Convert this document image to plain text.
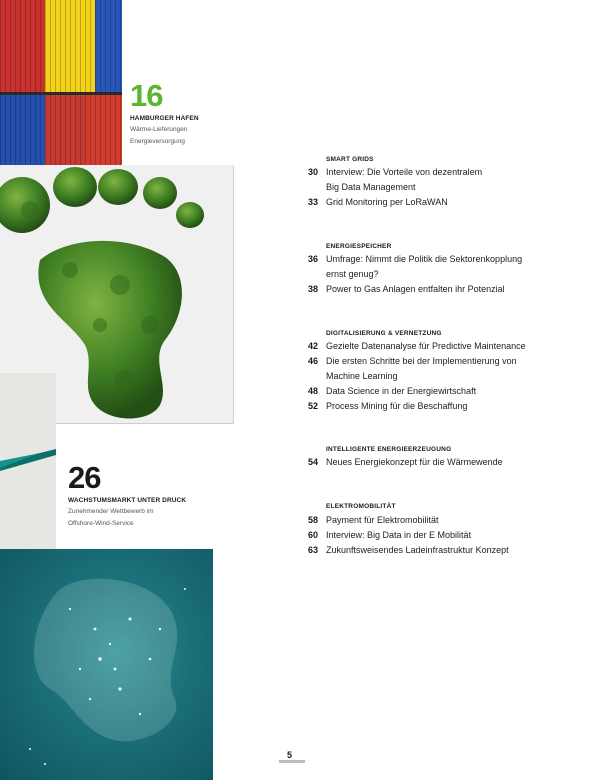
16
HAMBURGER HAFEN
Wärme-Lieferungen
Energieversorgung
26
WACHSTUMSMARKT UNTER DRUCK
Zunehmender Wettbewerb im
Offshore-Wind-Service
SMART GRIDS
30 Interview: Die Vorteile von dezentralem
Big Data Management
33 Grid Monitoring per LoRaWAN
ENERGIESPEICHER
36 Umfrage: Nimmt die Politik die Sektorenkopplung
ernst genug?
38 Power to Gas Anlagen entfalten ihr Potenzial
DIGITALISIERUNG & VERNETZUNG
42 Gezielte Datenanalyse für Predictive Maintenance
46 Die ersten Schritte bei der Implementierung von
Machine Learning
48 Data Science in der Energiewirtschaft
52 Process Mining für die Beschaffung
INTELLIGENTE ENERGIEERZEUGUNG
54 Neues Energiekonzept für die Wärmewende
ELEKTROMOBILITÄT
58 Payment für Elektromobilität
60 Interview: Big Data in der E Mobilität
63 Zukunftsweisendes Ladeinfrastruktur Konzept
5
